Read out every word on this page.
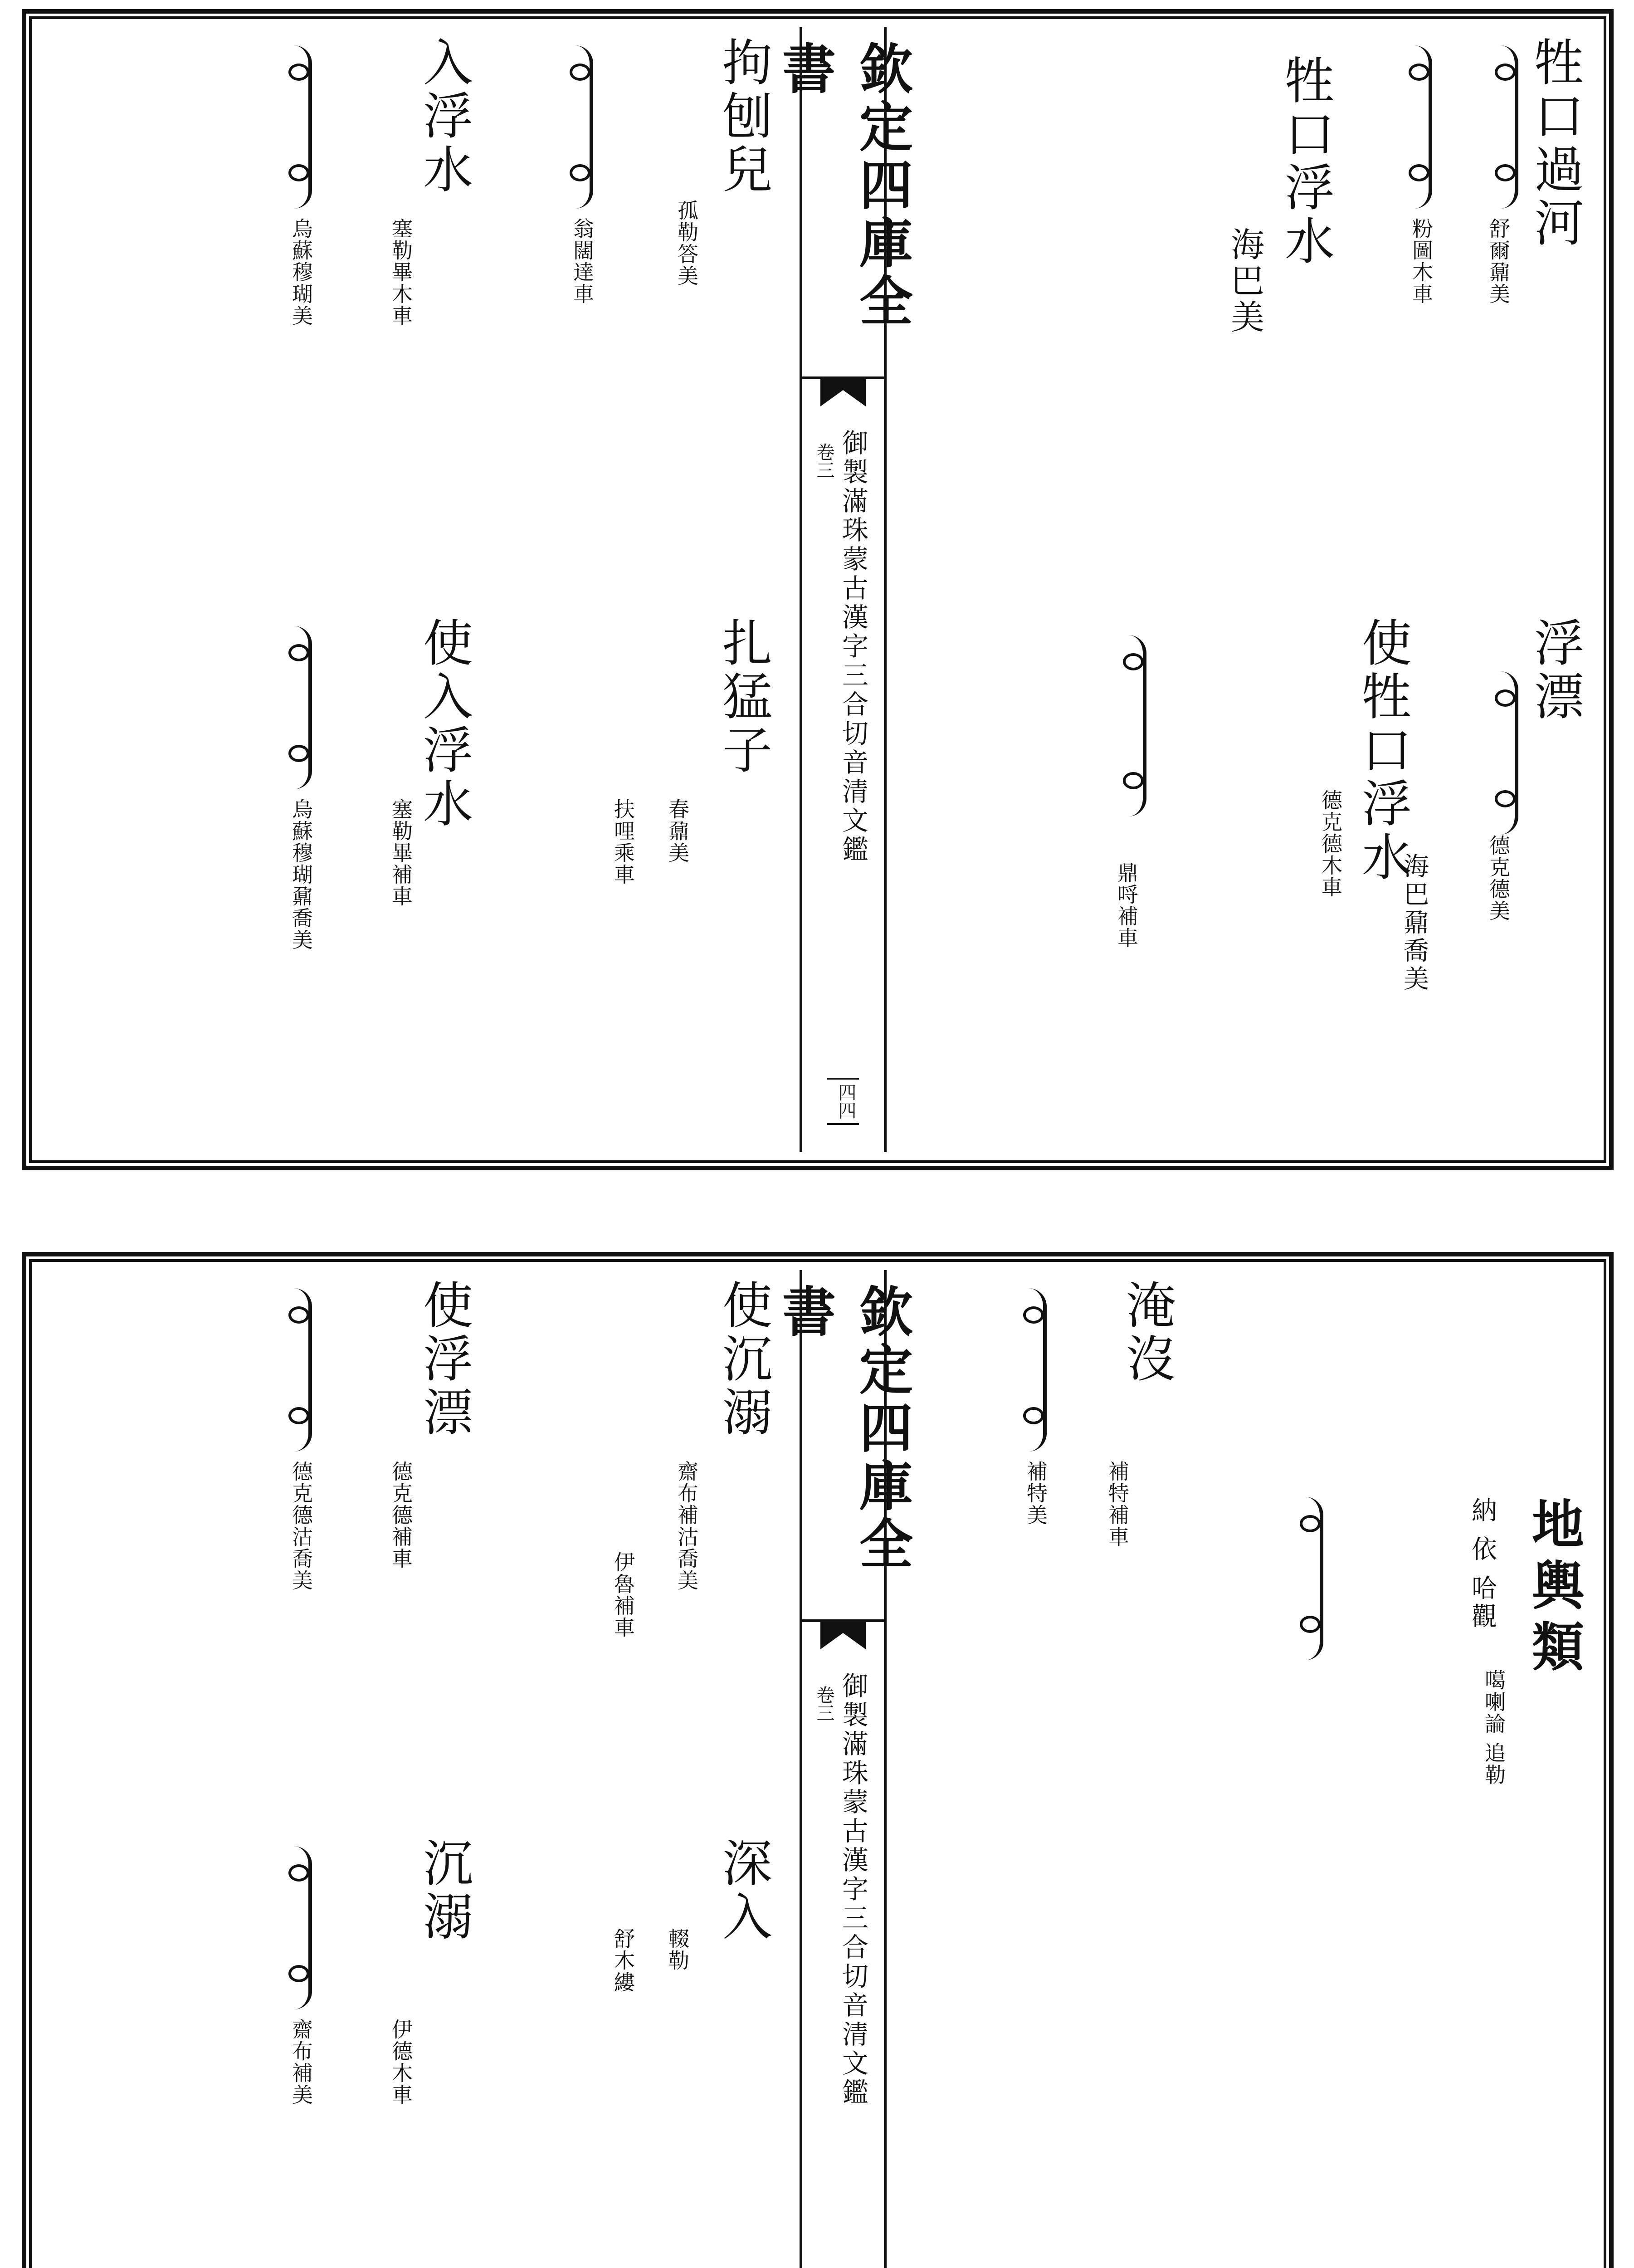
欽定四庫全書
御製滿珠蒙古漢字三合切音清文鑑
卷三
四四
牲口過河
舒爾鼐美
粉圖木車
牲口浮水
海巴美
浮漂
德克德美
使牲口浮水
德克德木車
海巴鼐喬美
鼎哷補車
拘刨兒
孤勒答美
翁闊達車
入浮水
烏蘇穆瑚美	塞勒畢木車
扎猛子
春鼐美
扶哩乘車
使入浮水
烏蘇穆瑚鼐喬美	塞勒畢補車
欽定四庫全書
御製滿珠蒙古漢字三合切音清文鑑
卷三
地輿類
噶喇論 追勒
納 依 哈觀
淹沒
補特美	補特補車
使沉溺
齋布補沽喬美
伊魯補車
使浮漂
德克德沽喬美	德克德補車
深入
輟勒
舒木縷
沉溺
齋布補美	伊德木車
